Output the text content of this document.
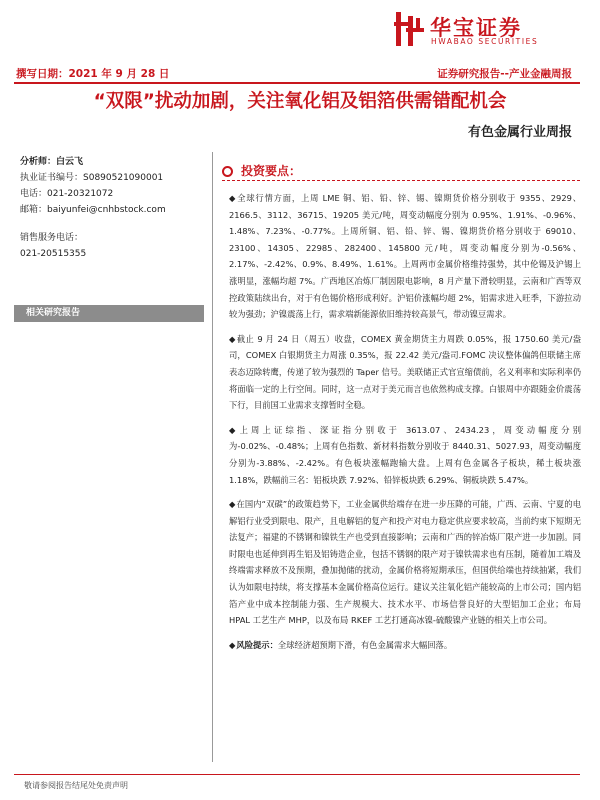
华宝证券
HWABAO SECURITIES
撰写日期：2021 年 9 月 28 日	证券研究报告--产业金融周报
“双限”扰动加剧，关注氧化铝及铝箔供需错配机会
有色金属行业周报
分析师：白云飞
执业证书编号：S0890521090001
电话：021-20321072
邮箱：baiyunfei@cnhbstock.com
销售服务电话：
021-20515355
相关研究报告
投资要点：

◆全球行情方面，上周 LME 铜、铝、铅、锌、锡、镍期货价格分别收于 9355、2929、2166.5、3112、36715、19205 美元/吨，周变动幅度分别为 0.95%、1.91%、-0.96%、1.48%、7.23%、-0.77%。上周所铜、铝、铅、锌、锡、镍期货价格分别收于 69010、23100、14305、22985、282400、145800 元/吨，周变动幅度分别为-0.56%、2.17%、-2.42%、0.9%、8.49%、1.61%。上周两市金属价格维持强势，其中伦锡及沪锡上涨明显，涨幅均超 7%。广西地区冶炼厂制因限电影响，8 月产量下滑较明显，云南和广西等双控政策陆续出台，对于有色锡价格形成利好。沪铝价涨幅均超 2%，铝需求进入旺季，下游拉动较为强劲；沪镍震荡上行，需求端新能源依旧维持较高景气，带动镍豆需求。

◆截止 9 月 24 日（周五）收盘，COMEX 黄金期货主力周跌 0.05%，报 1750.60 美元/盎司，COMEX 白银期货主力周涨 0.35%，报 22.42 美元/盎司.FOMC 决议整体偏鸽但联储主席表态迈除转鹰，传递了较为强烈的 Taper 信号。美联储正式官宣缩债前，名义利率和实际利率仍将面临一定的上行空间。同时，这一点对于美元而言也依然构成支撑。白银周中亦跟随金价震荡下行，目前国工业需求支撑暂时全稳。

◆上周上证综指、深证指分别收于 3613.07、2434.23，周变动幅度分别为-0.02%、-0.48%；上周有色指数、新材料指数分别收于 8440.31、5027.93，周变动幅度分别为-3.88%、-2.42%。有色板块涨幅跑输大盘。上周有色金属各子板块，稀土板块涨 1.18%，跌幅前三名：铝板块跌 7.92%、铅锌板块跌 6.29%、铜板块跌 5.47%。

◆在国内“双碳”的政策趋势下，工业金属供给端存在进一步压降的可能，广西、云南、宁夏的电解铝行业受到限电、限产，且电解铝的复产和投产对电力稳定供应要求较高，当前约束下短期无法复产；福建的不锈钢和镍铁生产也受到直接影响；云南和广西的锌冶炼厂限产进一步加剧。同时限电也延伸到再生铝及铝铸造企业，包括不锈钢的限产对于镍铁需求也有压制，随着加工端及终端需求释放不及预期，叠加抛储的扰动，金属价格将短期承压，但国供给端也持续抽紧，我们认为如限电持续，将支撑基本金属价格高位运行。建议关注氧化铝产能较高的上市公司；国内铝箔产业中成本控制能力强、生产规模大、技术水平、市场信誉良好的大型铝加工企业；布局 HPAL 工艺生产 MHP，以及布局 RKEF 工艺打通高冰镍-硫酸镍产业链的相关上市公司。

◆风险提示：全球经济超预期下滑，有色金属需求大幅回落。

敬请参阅报告结尾处免责声明
